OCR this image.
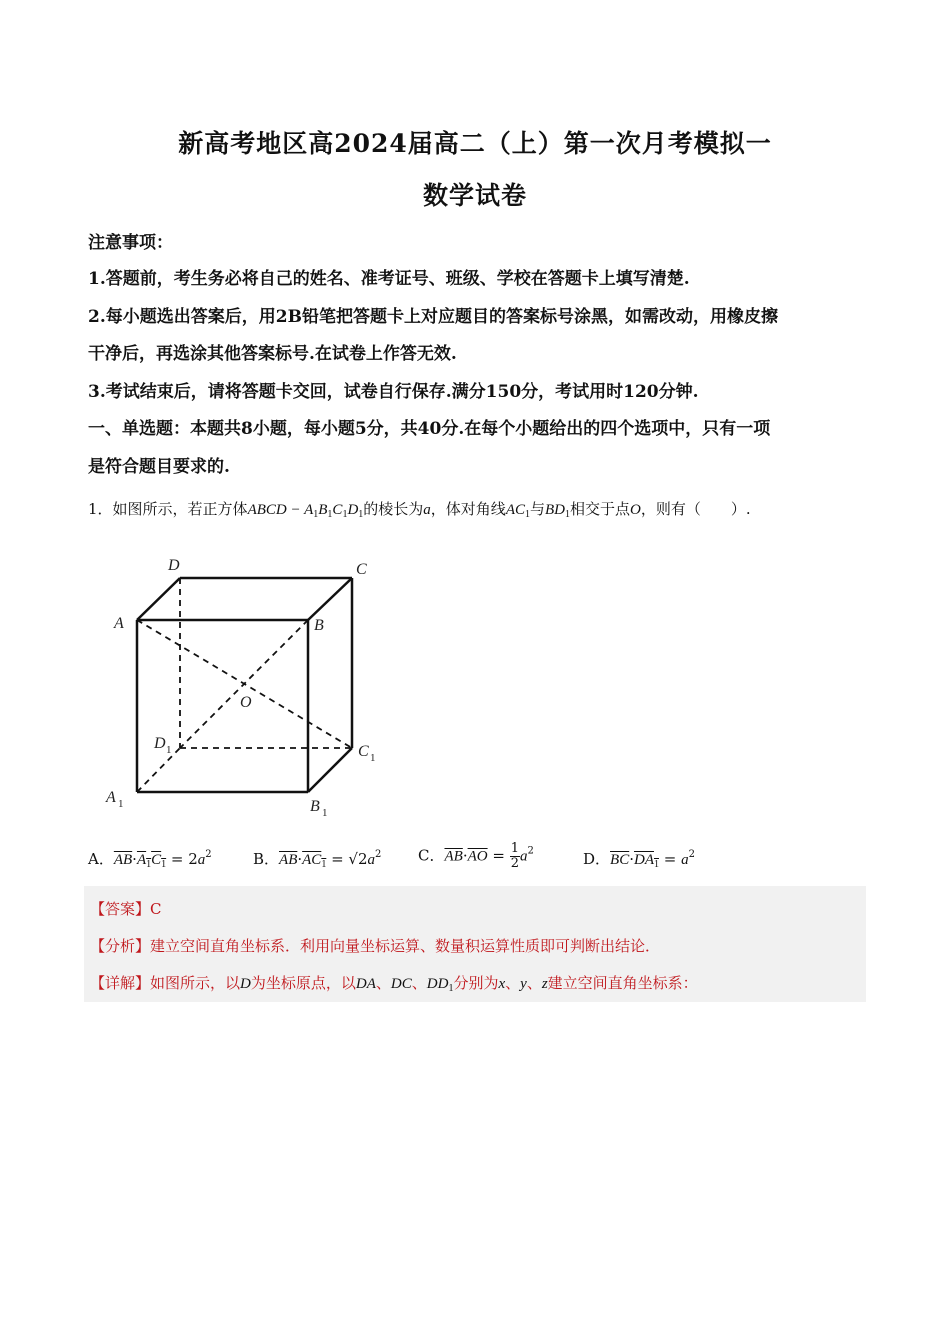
新高考地区高2024届高二（上）第一次月考模拟一
数学试卷
注意事项：
1.答题前，考生务必将自己的姓名、准考证号、班级、学校在答题卡上填写清楚.
2.每小题选出答案后，用2B铅笔把答题卡上对应题目的答案标号涂黑，如需改动，用橡皮擦
干净后，再选涂其他答案标号.在试卷上作答无效.
3.考试结束后，请将答题卡交回，试卷自行保存.满分150分，考试用时120分钟.
一、单选题：本题共8小题，每小题5分，共40分.在每个小题给出的四个选项中，只有一项
是符合题目要求的.
1．如图所示，若正方体ABCD − $A_1B_1C_1D_1$的棱长为a，体对角线$AC_1$与$BD_1$相交于点O，则有（　　）.
A	B
C
D
O
D 1	C 1
A 1	B 1
A．$\overline{AB}\cdot A_1C_1 = 2a^2$	B．$\overline{AB}\cdot AC_1 = √2a^2$ C．$\overline{AB}\cdot\overline{AO} = \frac{1}{2} a^2$	D．$\overline{BC}\cdot DA_1 = a^2$
【答案】C
【分析】建立空间直角坐标系．利用向量坐标运算、数量积运算性质即可判断出结论．
【详解】如图所示，以D为坐标原点，以DA、DC、$DD_1$分别为x、y、z建立空间直角坐标系：
